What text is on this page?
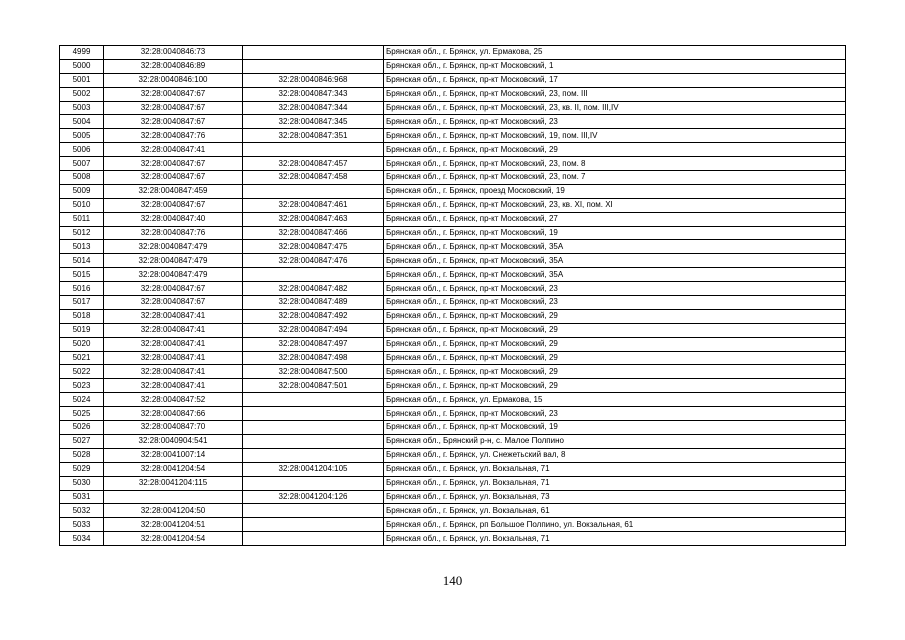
4999	32:28:0040846:73		Брянская обл., г. Брянск, ул. Ермакова, 25
5000	32:28:0040846:89		Брянская обл., г. Брянск, пр-кт Московский, 1
5001	32:28:0040846:100	32:28:0040846:968	Брянская обл., г. Брянск, пр-кт Московский, 17
5002	32:28:0040847:67	32:28:0040847:343	Брянская обл., г. Брянск, пр-кт Московский, 23, пом. III
5003	32:28:0040847:67	32:28:0040847:344	Брянская обл., г. Брянск, пр-кт Московский, 23, кв. II, пом. III,IV
5004	32:28:0040847:67	32:28:0040847:345	Брянская обл., г. Брянск, пр-кт Московский, 23
5005	32:28:0040847:76	32:28:0040847:351	Брянская обл., г. Брянск, пр-кт Московский, 19, пом. III,IV
5006	32:28:0040847:41		Брянская обл., г. Брянск, пр-кт Московский, 29
5007	32:28:0040847:67	32:28:0040847:457	Брянская обл., г. Брянск, пр-кт Московский, 23, пом. 8
5008	32:28:0040847:67	32:28:0040847:458	Брянская обл., г. Брянск, пр-кт Московский, 23, пом. 7
5009	32:28:0040847:459		Брянская обл., г. Брянск, проезд Московский, 19
5010	32:28:0040847:67	32:28:0040847:461	Брянская обл., г. Брянск, пр-кт Московский, 23, кв. XI, пом. XI
5011	32:28:0040847:40	32:28:0040847:463	Брянская обл., г. Брянск, пр-кт Московский, 27
5012	32:28:0040847:76	32:28:0040847:466	Брянская обл., г. Брянск, пр-кт Московский, 19
5013	32:28:0040847:479	32:28:0040847:475	Брянская обл., г. Брянск, пр-кт Московский, 35А
5014	32:28:0040847:479	32:28:0040847:476	Брянская обл., г. Брянск, пр-кт Московский, 35А
5015	32:28:0040847:479		Брянская обл., г. Брянск, пр-кт Московский, 35А
5016	32:28:0040847:67	32:28:0040847:482	Брянская обл., г. Брянск, пр-кт Московский, 23
5017	32:28:0040847:67	32:28:0040847:489	Брянская обл., г. Брянск, пр-кт Московский, 23
5018	32:28:0040847:41	32:28:0040847:492	Брянская обл., г. Брянск, пр-кт Московский, 29
5019	32:28:0040847:41	32:28:0040847:494	Брянская обл., г. Брянск, пр-кт Московский, 29
5020	32:28:0040847:41	32:28:0040847:497	Брянская обл., г. Брянск, пр-кт Московский, 29
5021	32:28:0040847:41	32:28:0040847:498	Брянская обл., г. Брянск, пр-кт Московский, 29
5022	32:28:0040847:41	32:28:0040847:500	Брянская обл., г. Брянск, пр-кт Московский, 29
5023	32:28:0040847:41	32:28:0040847:501	Брянская обл., г. Брянск, пр-кт Московский, 29
5024	32:28:0040847:52		Брянская обл., г. Брянск, ул. Ермакова, 15
5025	32:28:0040847:66		Брянская обл., г. Брянск, пр-кт Московский, 23
5026	32:28:0040847:70		Брянская обл., г. Брянск, пр-кт Московский, 19
5027	32:28:0040904:541		Брянская обл., Брянский р-н, с. Малое Полпино
5028	32:28:0041007:14		Брянская обл., г. Брянск, ул. Снежетьский вал, 8
5029	32:28:0041204:54	32:28:0041204:105	Брянская обл., г. Брянск, ул. Вокзальная, 71
5030	32:28:0041204:115		Брянская обл., г. Брянск, ул. Вокзальная, 71
5031		32:28:0041204:126	Брянская обл., г. Брянск, ул. Вокзальная, 73
5032	32:28:0041204:50		Брянская обл., г. Брянск, ул. Вокзальная, 61
5033	32:28:0041204:51		Брянская обл., г. Брянск, рп Большое Полпино, ул. Вокзальная, 61
5034	32:28:0041204:54		Брянская обл., г. Брянск, ул. Вокзальная, 71
140
